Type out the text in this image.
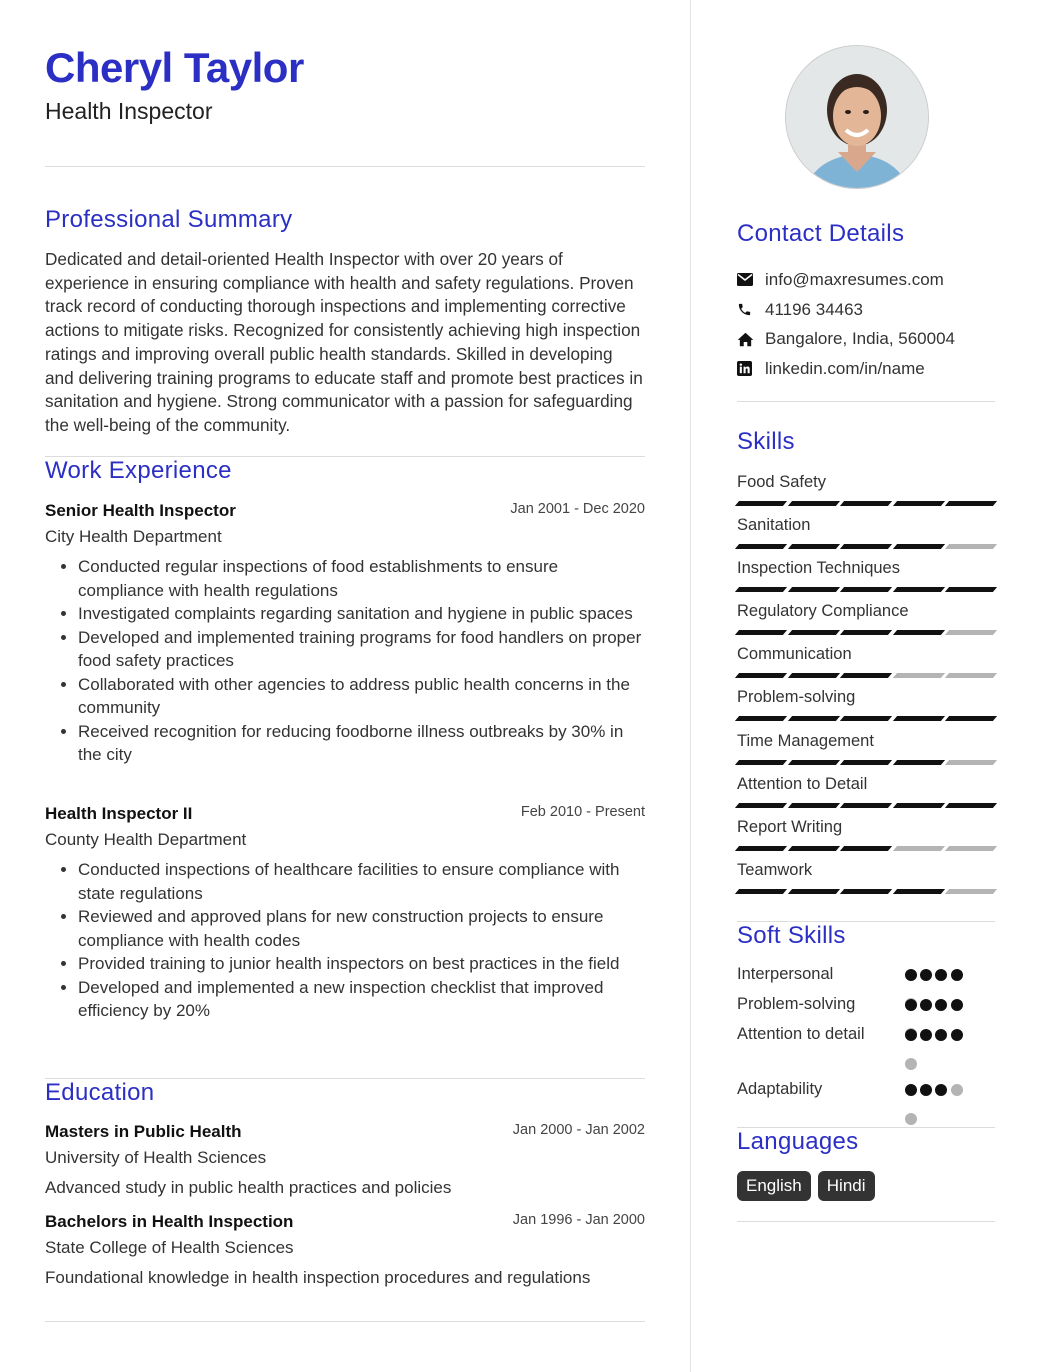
Cheryl Taylor
Health Inspector
Professional Summary

Dedicated and detail-oriented Health Inspector with over 20 years of experience in ensuring compliance with health and safety regulations. Proven track record of conducting thorough inspections and implementing corrective actions to mitigate risks. Recognized for consistently achieving high inspection ratings and improving overall public health standards. Skilled in developing and delivering training programs to educate staff and promote best practices in sanitation and hygiene. Strong communicator with a passion for safeguarding the well-being of the community.

Work Experience
Senior Health Inspector	Jan 2001 - Dec 2020
City Health Department
• Conducted regular inspections of food establishments to ensure compliance with health regulations
• Investigated complaints regarding sanitation and hygiene in public spaces
• Developed and implemented training programs for food handlers on proper food safety practices
• Collaborated with other agencies to address public health concerns in the community
• Received recognition for reducing foodborne illness outbreaks by 30% in the city
Health Inspector II	Feb 2010 - Present
County Health Department
• Conducted inspections of healthcare facilities to ensure compliance with state regulations
• Reviewed and approved plans for new construction projects to ensure compliance with health codes
• Provided training to junior health inspectors on best practices in the field
• Developed and implemented a new inspection checklist that improved efficiency by 20%
Education
Masters in Public Health	Jan 2000 - Jan 2002
University of Health Sciences
Advanced study in public health practices and policies
Bachelors in Health Inspection	Jan 1996 - Jan 2000
State College of Health Sciences
Foundational knowledge in health inspection procedures and regulations
Contact Details
info@maxresumes.com
41196 34463
Bangalore, India, 560004
linkedin.com/in/name
Skills
Food Safety
Sanitation
Inspection Techniques
Regulatory Compliance
Communication
Problem-solving
Time Management
Attention to Detail
Report Writing
Teamwork
Soft Skills
Interpersonal
Problem-solving
Attention to detail
Adaptability
Languages
English	Hindi
